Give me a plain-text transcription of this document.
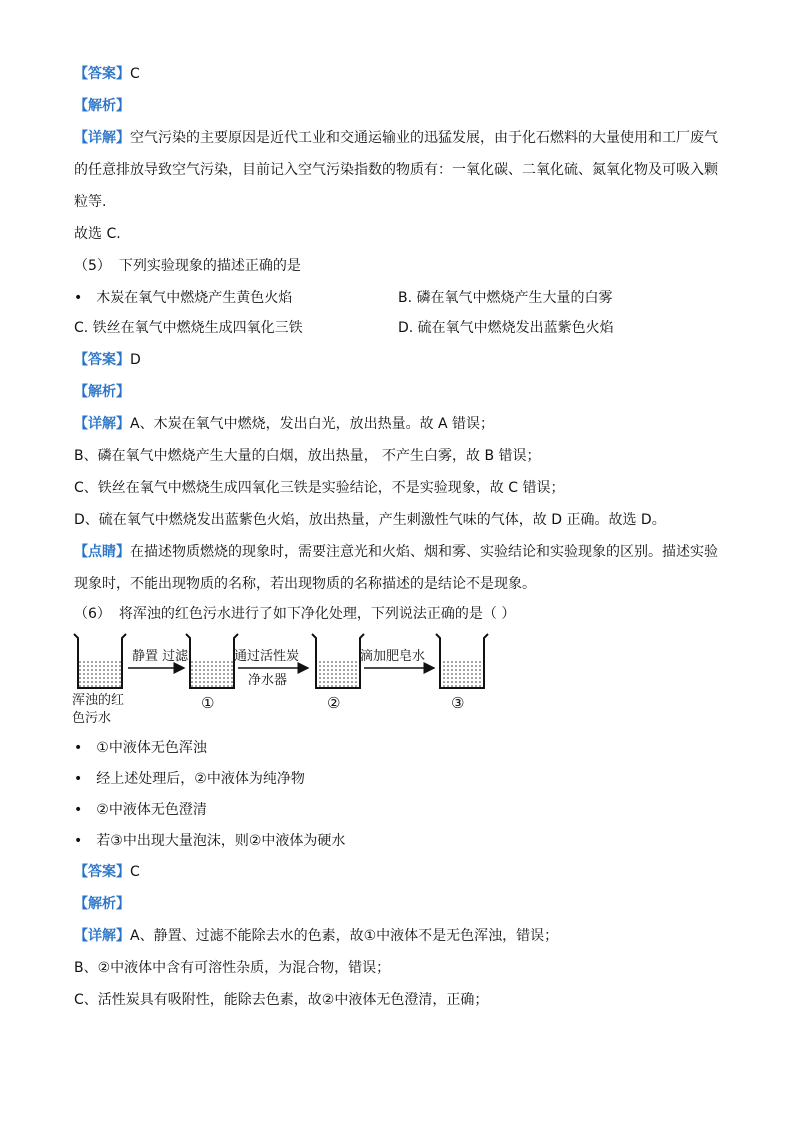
【答案】C
【解析】
【详解】空气污染的主要原因是近代工业和交通运输业的迅猛发展，由于化石燃料的大量使用和工厂废气
的任意排放导致空气污染，目前记入空气污染指数的物质有：一氧化碳、二氧化硫、氮氧化物及可吸入颗
粒等.
故选 C.
（5） 下列实验现象的描述正确的是
• 木炭在氧气中燃烧产生黄色火焰	B. 磷在氧气中燃烧产生大量的白雾
C. 铁丝在氧气中燃烧生成四氧化三铁	D. 硫在氧气中燃烧发出蓝紫色火焰
【答案】D
【解析】
【详解】A、木炭在氧气中燃烧，发出白光，放出热量。故 A 错误；
B、磷在氧气中燃烧产生大量的白烟，放出热量， 不产生白雾，故 B 错误；
C、铁丝在氧气中燃烧生成四氧化三铁是实验结论，不是实验现象，故 C 错误；
D、硫在氧气中燃烧发出蓝紫色火焰，放出热量，产生刺激性气味的气体，故 D 正确。故选 D。
【点睛】在描述物质燃烧的现象时，需要注意光和火焰、烟和雾、实验结论和实验现象的区别。描述实验
现象时，不能出现物质的名称，若出现物质的名称描述的是结论不是现象。
（6） 将浑浊的红色污水进行了如下净化处理，下列说法正确的是（ ）
浑浊的红
色污水
静置 过滤
①
通过活性炭
净水器
②
滴加肥皂水
③
• ①中液体无色浑浊
• 经上述处理后，②中液体为纯净物
• ②中液体无色澄清
• 若③中出现大量泡沫，则②中液体为硬水
【答案】C
【解析】
【详解】A、静置、过滤不能除去水的色素，故①中液体不是无色浑浊，错误；
B、②中液体中含有可溶性杂质，为混合物，错误；
C、活性炭具有吸附性，能除去色素，故②中液体无色澄清，正确；
